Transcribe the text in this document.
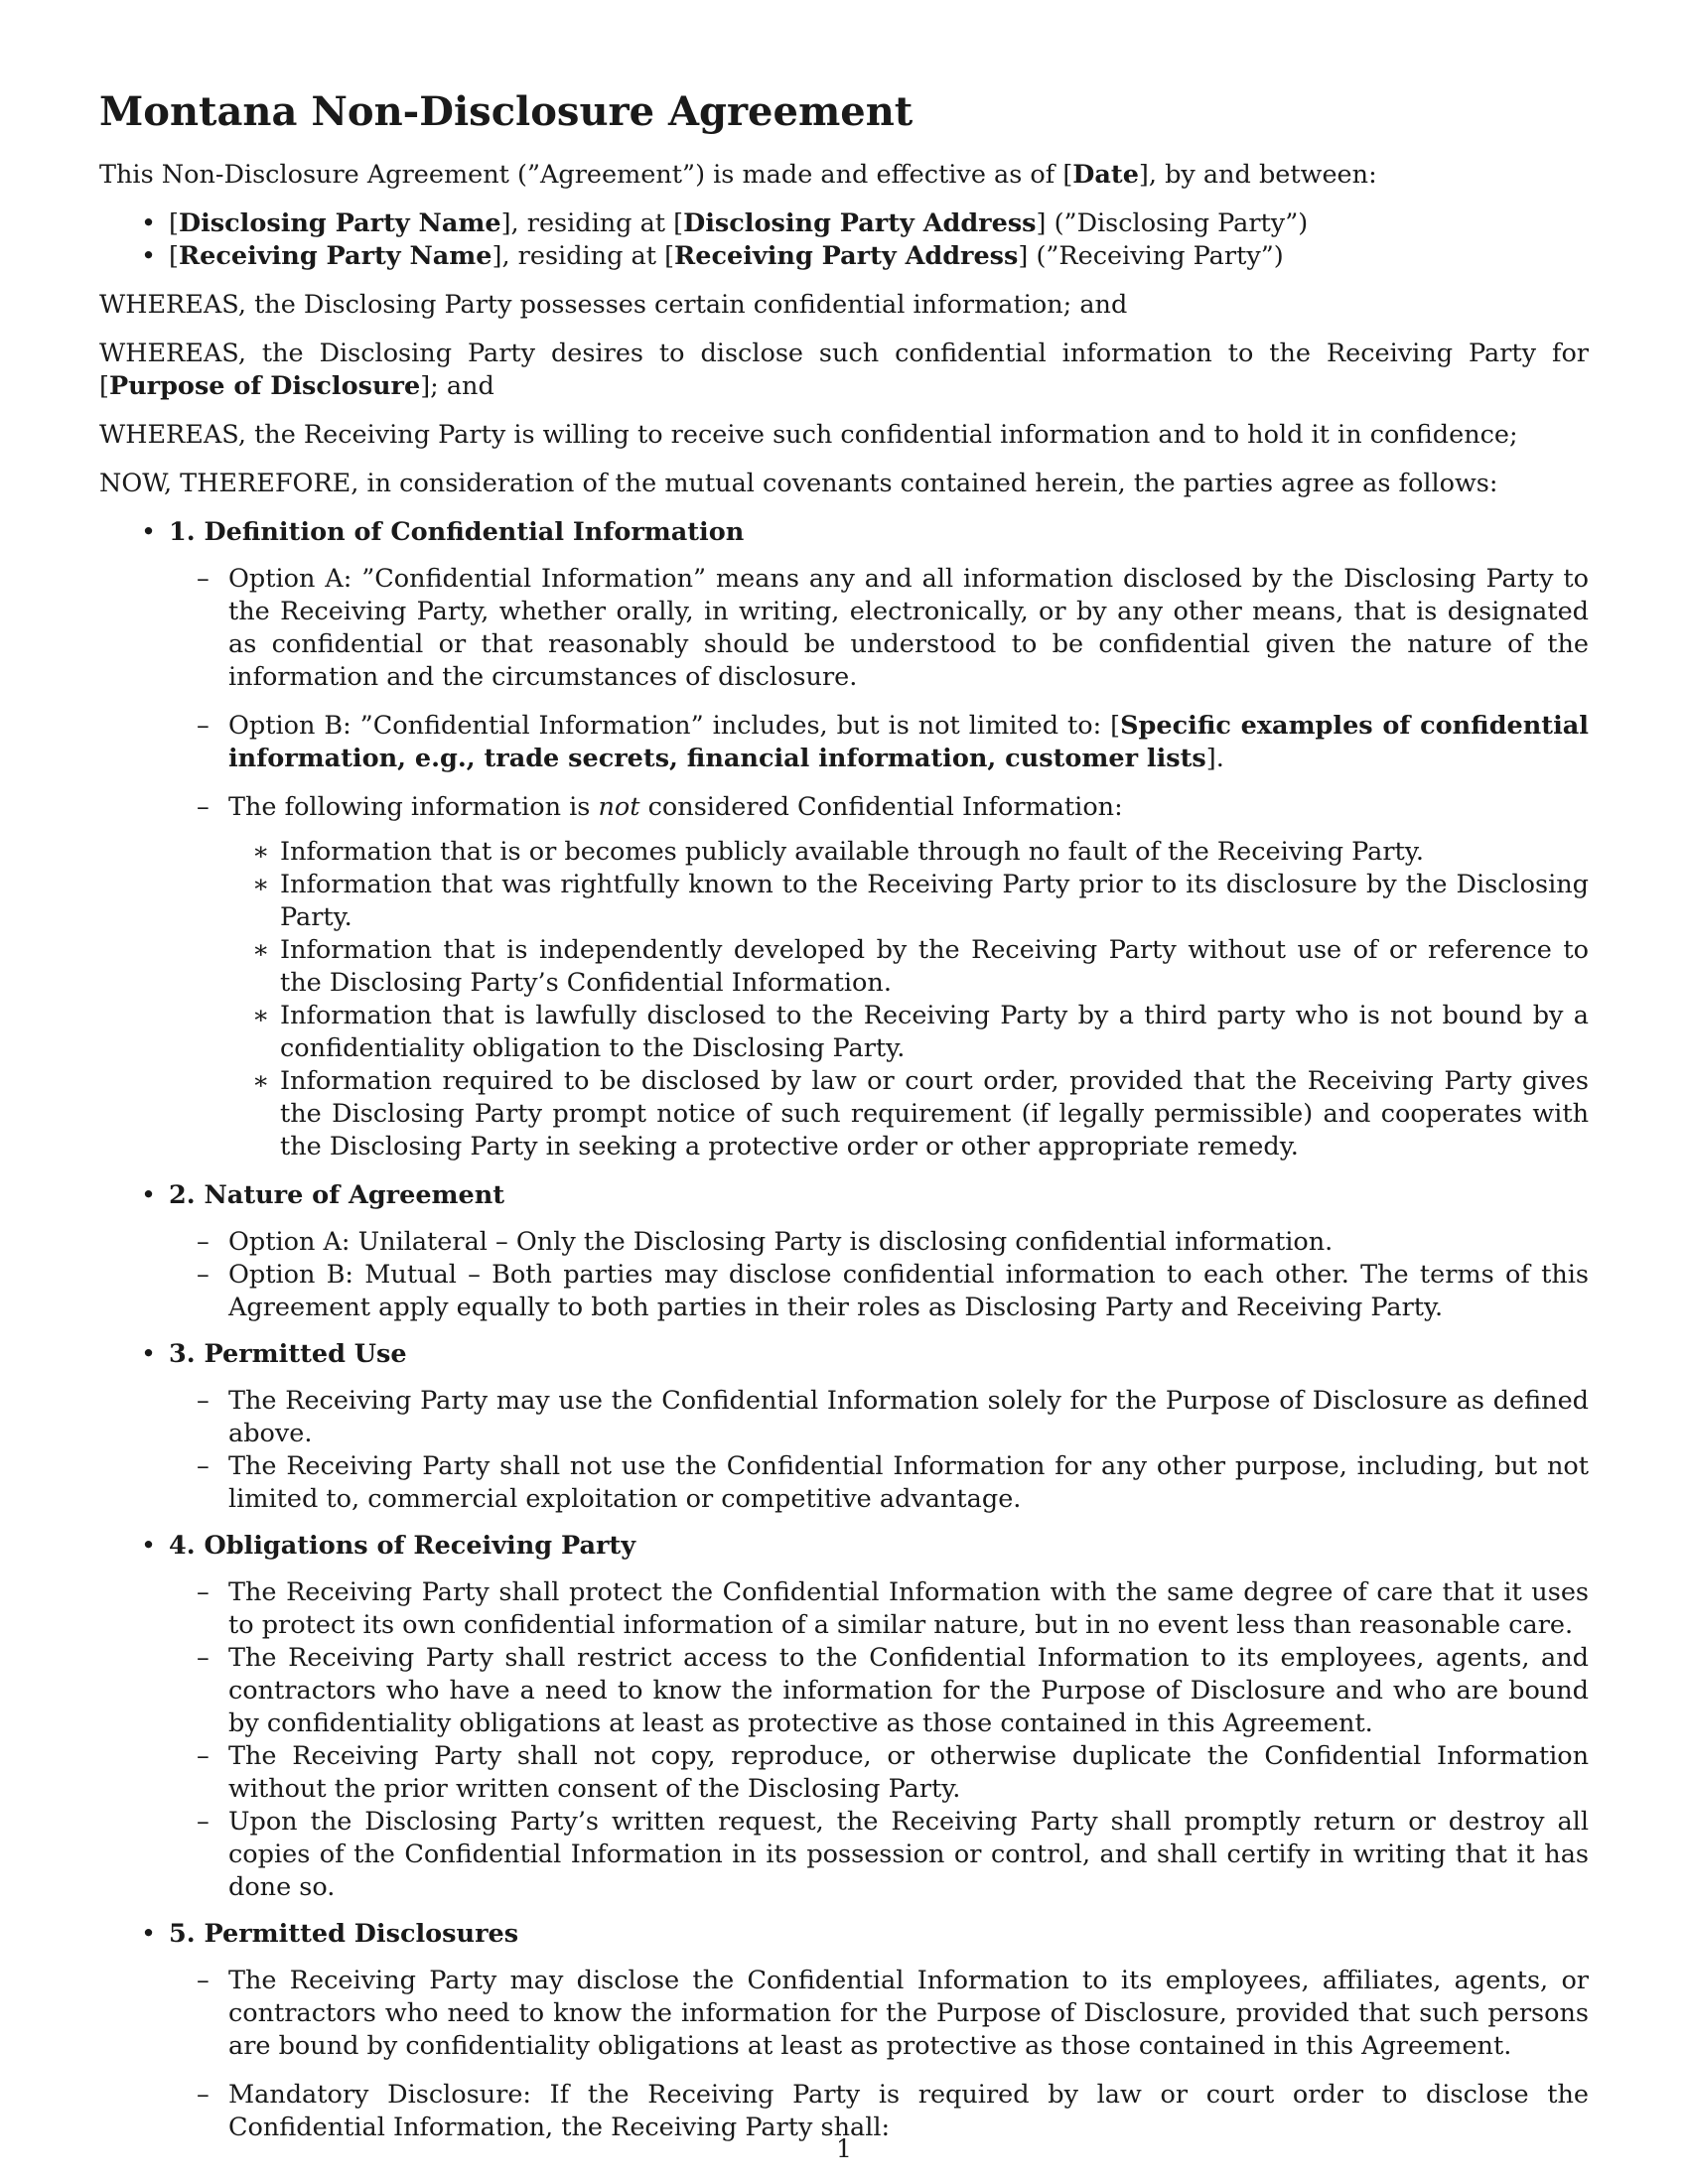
Montana Non-Disclosure Agreement

This Non-Disclosure Agreement (”Agreement”) is made and effective as of [Date], by and between:

• [Disclosing Party Name], residing at [Disclosing Party Address] (”Disclosing Party”)
• [Receiving Party Name], residing at [Receiving Party Address] (”Receiving Party”)

WHEREAS, the Disclosing Party possesses certain confidential information; and

WHEREAS, the Disclosing Party desires to disclose such confidential information to the Receiving Party for [Purpose of Disclosure]; and

WHEREAS, the Receiving Party is willing to receive such confidential information and to hold it in confidence;

NOW, THEREFORE, in consideration of the mutual covenants contained herein, the parties agree as follows:

• 1. Definition of Confidential Information
– Option A: ”Confidential Information” means any and all information disclosed by the Disclosing Party to the Receiving Party, whether orally, in writing, electronically, or by any other means, that is designated as confidential or that reasonably should be understood to be confidential given the nature of the information and the circumstances of disclosure.
– Option B: ”Confidential Information” includes, but is not limited to: [Specific examples of confidential information, e.g., trade secrets, financial information, customer lists].
– The following information is not considered Confidential Information:
∗ Information that is or becomes publicly available through no fault of the Receiving Party.
∗ Information that was rightfully known to the Receiving Party prior to its disclosure by the Disclosing Party.
∗ Information that is independently developed by the Receiving Party without use of or reference to the Disclosing Party’s Confidential Information.
∗ Information that is lawfully disclosed to the Receiving Party by a third party who is not bound by a confidentiality obligation to the Disclosing Party.
∗ Information required to be disclosed by law or court order, provided that the Receiving Party gives the Disclosing Party prompt notice of such requirement (if legally permissible) and cooperates with the Disclosing Party in seeking a protective order or other appropriate remedy.
• 2. Nature of Agreement
– Option A: Unilateral – Only the Disclosing Party is disclosing confidential information.
– Option B: Mutual – Both parties may disclose confidential information to each other. The terms of this Agreement apply equally to both parties in their roles as Disclosing Party and Receiving Party.
• 3. Permitted Use
– The Receiving Party may use the Confidential Information solely for the Purpose of Disclosure as defined above.
– The Receiving Party shall not use the Confidential Information for any other purpose, including, but not limited to, commercial exploitation or competitive advantage.
• 4. Obligations of Receiving Party
– The Receiving Party shall protect the Confidential Information with the same degree of care that it uses to protect its own confidential information of a similar nature, but in no event less than reasonable care.
– The Receiving Party shall restrict access to the Confidential Information to its employees, agents, and contractors who have a need to know the information for the Purpose of Disclosure and who are bound by confidentiality obligations at least as protective as those contained in this Agreement.
– The Receiving Party shall not copy, reproduce, or otherwise duplicate the Confidential Information without the prior written consent of the Disclosing Party.
– Upon the Disclosing Party’s written request, the Receiving Party shall promptly return or destroy all copies of the Confidential Information in its possession or control, and shall certify in writing that it has done so.
• 5. Permitted Disclosures
– The Receiving Party may disclose the Confidential Information to its employees, affiliates, agents, or contractors who need to know the information for the Purpose of Disclosure, provided that such persons are bound by confidentiality obligations at least as protective as those contained in this Agreement.
– Mandatory Disclosure: If the Receiving Party is required by law or court order to disclose the Confidential Information, the Receiving Party shall:
1
